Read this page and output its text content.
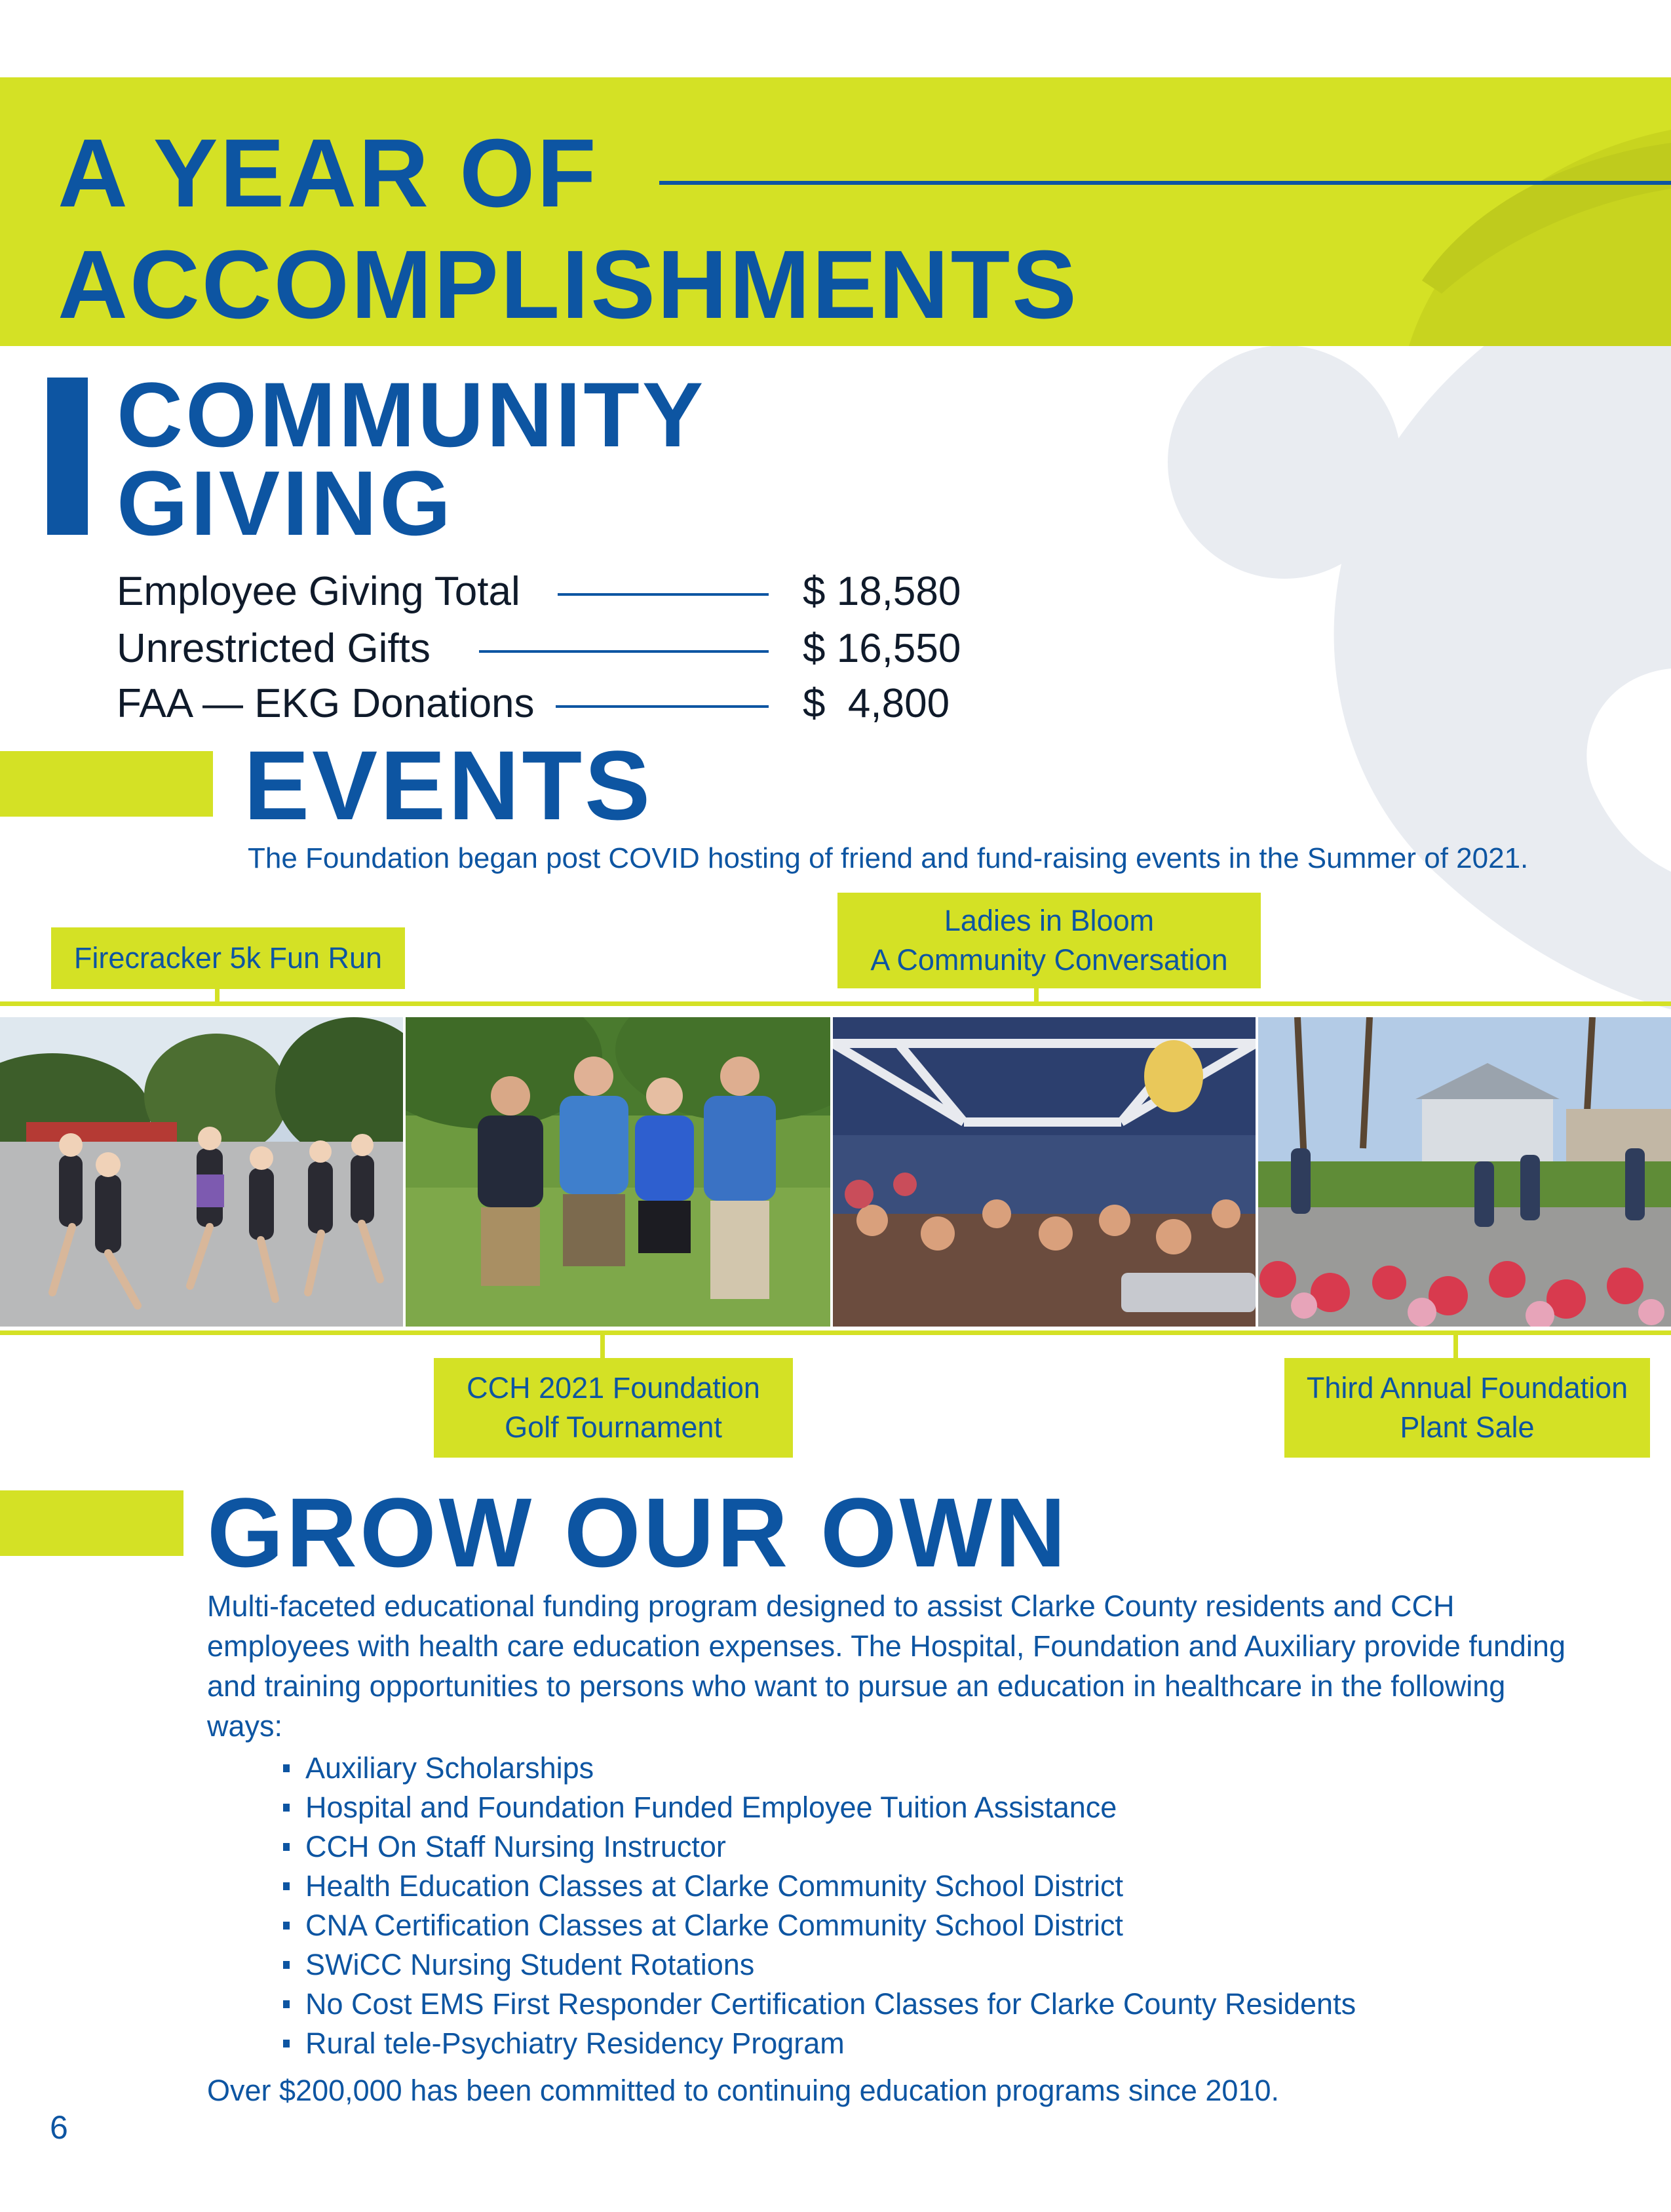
A YEAR OF
ACCOMPLISHMENTS
COMMUNITY
GIVING
Employee Giving Total	$ 18,580
Unrestricted Gifts	$ 16,550
FAA — EKG Donations	$  4,800
EVENTS
The Foundation began post COVID hosting of friend and fund-raising events in the Summer of 2021.
Firecracker 5k Fun Run
Ladies in Bloom
A Community Conversation
CCH 2021 Foundation
Golf Tournament
Third Annual Foundation
Plant Sale
GROW OUR OWN

Multi-faceted educational funding program designed to assist Clarke County residents and CCH employees with health care education expenses. The Hospital, Foundation and Auxiliary provide funding and training opportunities to persons who want to pursue an education in healthcare in the following ways:

Auxiliary Scholarships
Hospital and Foundation Funded Employee Tuition Assistance
CCH On Staff Nursing Instructor
Health Education Classes at Clarke Community School District
CNA Certification Classes at Clarke Community School District
SWiCC Nursing Student Rotations
No Cost EMS First Responder Certification Classes for Clarke County Residents
Rural tele-Psychiatry Residency Program
Over $200,000 has been committed to continuing education programs since 2010.
6
